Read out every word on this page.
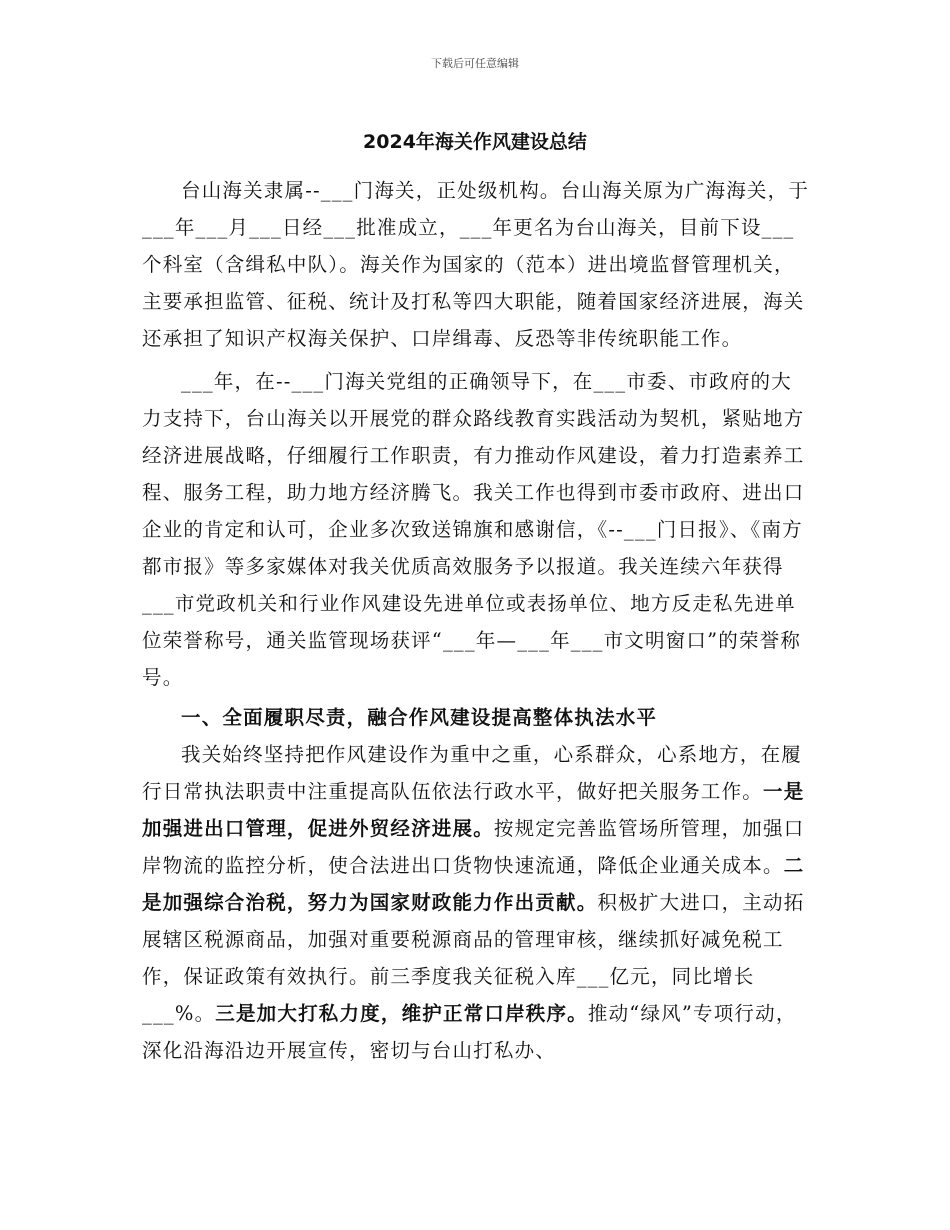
下载后可任意编辑
2024年海关作风建设总结

台山海关隶属--___门海关，正处级机构。台山海关原为广海海关，于___年___月___日经___批准成立，___年更名为台山海关，目前下设___个科室（含缉私中队）。海关作为国家的（范本）进出境监督管理机关，主要承担监管、征税、统计及打私等四大职能，随着国家经济进展，海关还承担了知识产权海关保护、口岸缉毒、反恐等非传统职能工作。

___年，在--___门海关党组的正确领导下，在___市委、市政府的大力支持下，台山海关以开展党的群众路线教育实践活动为契机，紧贴地方经济进展战略，仔细履行工作职责，有力推动作风建设，着力打造素养工程、服务工程，助力地方经济腾飞。我关工作也得到市委市政府、进出口企业的肯定和认可，企业多次致送锦旗和感谢信，《--___门日报》、《南方都市报》等多家媒体对我关优质高效服务予以报道。我关连续六年获得___市党政机关和行业作风建设先进单位或表扬单位、地方反走私先进单位荣誉称号，通关监管现场获评“___年—___年___市文明窗口”的荣誉称号。

一、全面履职尽责，融合作风建设提高整体执法水平

我关始终坚持把作风建设作为重中之重，心系群众，心系地方，在履行日常执法职责中注重提高队伍依法行政水平，做好把关服务工作。一是加强进出口管理，促进外贸经济进展。按规定完善监管场所管理，加强口岸物流的监控分析，使合法进出口货物快速流通，降低企业通关成本。二是加强综合治税，努力为国家财政能力作出贡献。积极扩大进口，主动拓展辖区税源商品，加强对重要税源商品的管理审核，继续抓好减免税工作，保证政策有效执行。前三季度我关征税入库___亿元，同比增长___%。三是加大打私力度，维护正常口岸秩序。推动“绿风”专项行动，深化沿海沿边开展宣传，密切与台山打私办、
